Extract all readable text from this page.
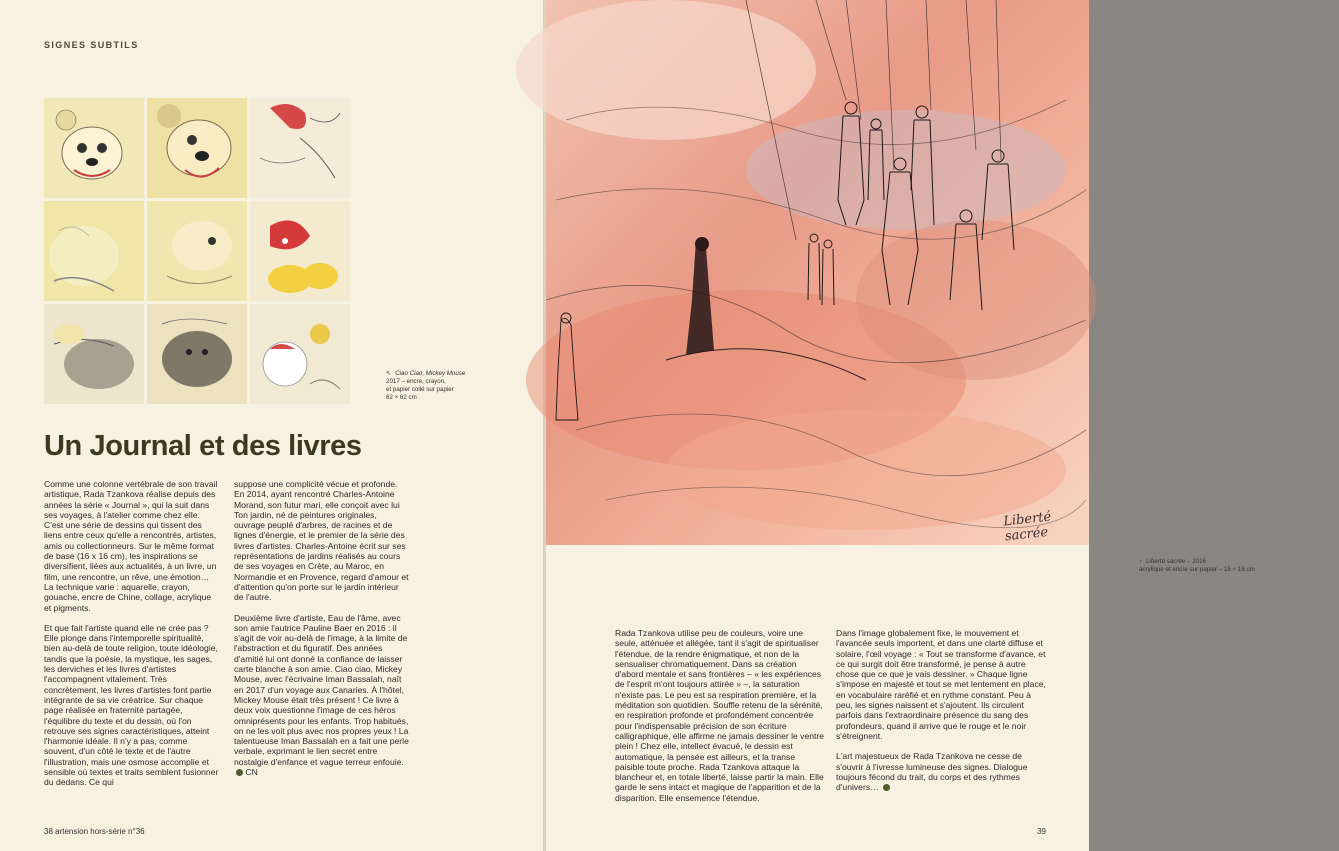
SIGNES SUBTILS
↖ Ciao Ciao, Mickey Mouse
2017 – encre, crayon,
et papier collé sur papier
62 × 62 cm
Un Journal et des livres

Comme une colonne vertébrale de son travail artistique, Rada Tzankova réalise depuis des années la série « Journal », qui la suit dans ses voyages, à l'atelier comme chez elle. C'est une série de dessins qui tissent des liens entre ceux qu'elle a rencontrés, artistes, amis ou collectionneurs. Sur le même format de base (16 x 16 cm), les inspirations se diversifient, liées aux actualités, à un livre, un film, une rencontre, un rêve, une émotion… La technique varie : aquarelle, crayon, gouache, encre de Chine, collage, acrylique et pigments.

Et que fait l'artiste quand elle ne crée pas ? Elle plonge dans l'intemporelle spiritualité, bien au-delà de toute religion, toute idéologie, tandis que la poésie, la mystique, les sages, les derviches et les livres d'artistes l'accompagnent vitalement. Très concrètement, les livres d'artistes font partie intégrante de sa vie créatrice. Sur chaque page réalisée en fraternité partagée, l'équilibre du texte et du dessin, où l'on retrouve ses signes caractéristiques, atteint l'harmonie idéale. Il n'y a pas, comme souvent, d'un côté le texte et de l'autre l'illustration, mais une osmose accomplie et sensible où textes et traits semblent fusionner du dedans. Ce qui

suppose une complicité vécue et profonde. En 2014, ayant rencontré Charles-Antoine Morand, son futur mari, elle conçoit avec lui Ton jardin, né de peintures originales, ouvrage peuplé d'arbres, de racines et de lignes d'énergie, et le premier de la série des livres d'artistes. Charles-Antoine écrit sur ses représentations de jardins réalisés au cours de ses voyages en Crète, au Maroc, en Normandie et en Provence, regard d'amour et d'attention qu'on porte sur le jardin intérieur de l'autre.

Deuxième livre d'artiste, Eau de l'âme, avec son amie l'autrice Pauline Baer en 2016 : il s'agit de voir au-delà de l'image, à la limite de l'abstraction et du figuratif. Des années d'amitié lui ont donné la confiance de laisser carte blanche à son amie. Ciao ciao, Mickey Mouse, avec l'écrivaine Iman Bassalah, naît en 2017 d'un voyage aux Canaries. À l'hôtel, Mickey Mouse était très présent ! Ce livre à deux voix questionne l'image de ces héros omniprésents pour les enfants. Trop habitués, on ne les voit plus avec nos propres yeux ! La talentueuse Iman Bassalah en a fait une perle verbale, exprimant le lien secret entre nostalgie d'enfance et vague terreur enfouie.  CN

38 artension hors-série n°36
Liberté sacrée
↑ Liberté sacrée – 2016
acrylique et encre sur papier – 16 × 16 cm
39

Rada Tzankova utilise peu de couleurs, voire une seule, atténuée et allégée, tant il s'agit de spiritualiser l'étendue, de la rendre énigmatique, et non de la sensualiser chromatiquement. Dans sa création d'abord mentale et sans frontières – « les expériences de l'esprit m'ont toujours attirée » –, la saturation n'existe pas. Le peu est sa respiration première, et la méditation son quotidien. Souffle retenu de la sérénité, en respiration profonde et profondément concentrée pour l'indispensable précision de son écriture calligraphique, elle affirme ne jamais dessiner le ventre plein ! Chez elle, intellect évacué, le dessin est automatique, la pensée est ailleurs, et la transe paisible toute proche. Rada Tzankova attaque la blancheur et, en totale liberté, laisse partir la main. Elle garde le sens intact et magique de l'apparition et de la disparition. Elle ensemence l'étendue.

Dans l'image globalement fixe, le mouvement et l'avancée seuls importent, et dans une clarté diffuse et solaire, l'œil voyage : « Tout se transforme d'avance, et ce qui surgit doit être transformé, je pense à autre chose que ce que je vais dessiner. » Chaque ligne s'impose en majesté et tout se met lentement en place, en vocabulaire raréfié et en rythme constant. Peu à peu, les signes naissent et s'ajoutent. Ils circulent parfois dans l'extraordinaire présence du sang des profondeurs, quand il arrive que le rouge et le noir s'étreignent.

L'art majestueux de Rada Tzankova ne cesse de s'ouvrir à l'ivresse lumineuse des signes. Dialogue toujours fécond du trait, du corps et des rythmes d'univers…
